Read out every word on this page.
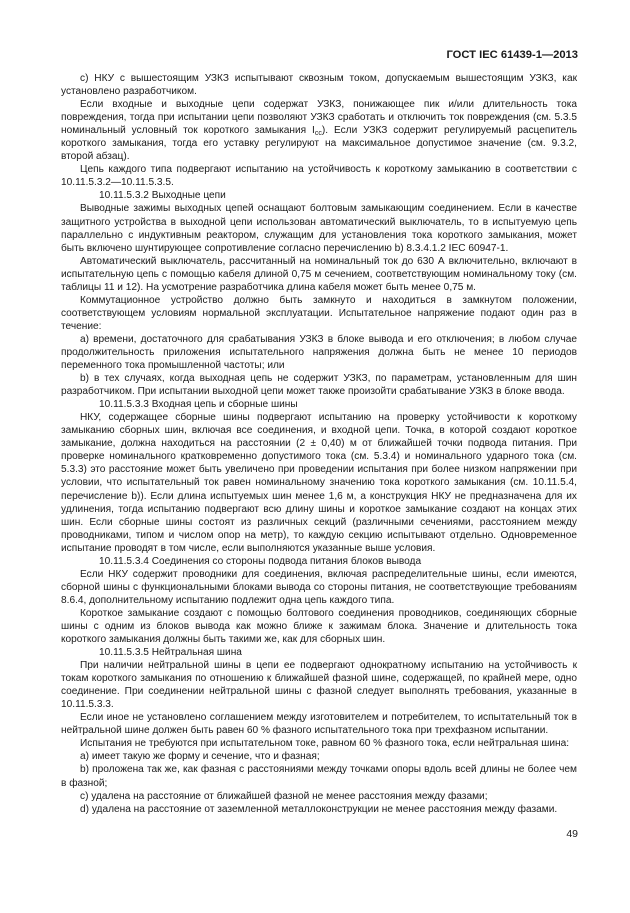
ГОСТ IEC 61439-1—2013

с) НКУ с вышестоящим УЗКЗ испытывают сквозным током, допускаемым вышестоящим УЗКЗ, как установлено разработчиком.

Если входные и выходные цепи содержат УЗКЗ, понижающее пик и/или длительность тока повреждения, тогда при испытании цепи позволяют УЗКЗ сработать и отключить ток повреждения (см. 5.3.5 номинальный условный ток короткого замыкания $I_{cc}$). Если УЗКЗ содержит регулируемый расцепитель короткого замыкания, тогда его уставку регулируют на максимальное допустимое значение (см. 9.3.2, второй абзац).

Цепь каждого типа подвергают испытанию на устойчивость к короткому замыканию в соответствии с 10.11.5.3.2—10.11.5.3.5.

10.11.5.3.2 Выходные цепи

Выводные зажимы выходных цепей оснащают болтовым замыкающим соединением. Если в качестве защитного устройства в выходной цепи использован автоматический выключатель, то в испытуемую цепь параллельно с индуктивным реактором, служащим для установления тока короткого замыкания, может быть включено шунтирующее сопротивление согласно перечислению b) 8.3.4.1.2 IEC 60947-1.

Автоматический выключатель, рассчитанный на номинальный ток до 630 А включительно, включают в испытательную цепь с помощью кабеля длиной 0,75 м сечением, соответствующим номинальному току (см. таблицы 11 и 12). На усмотрение разработчика длина кабеля может быть менее 0,75 м.

Коммутационное устройство должно быть замкнуто и находиться в замкнутом положении, соответствующем условиям нормальной эксплуатации. Испытательное напряжение подают один раз в течение:

а) времени, достаточного для срабатывания УЗКЗ в блоке вывода и его отключения; в любом случае продолжительность приложения испытательного напряжения должна быть не менее 10 периодов переменного тока промышленной частоты; или

b) в тех случаях, когда выходная цепь не содержит УЗКЗ, по параметрам, установленным для шин разработчиком. При испытании выходной цепи может также произойти срабатывание УЗКЗ в блоке ввода.

10.11.5.3.3 Входная цепь и сборные шины

НКУ, содержащее сборные шины подвергают испытанию на проверку устойчивости к короткому замыканию сборных шин, включая все соединения, и входной цепи. Точка, в которой создают короткое замыкание, должна находиться на расстоянии (2 ± 0,40) м от ближайшей точки подвода питания. При проверке номинального кратковременно допустимого тока (см. 5.3.4) и номинального ударного тока (см. 5.3.3) это расстояние может быть увеличено при проведении испытания при более низком напряжении при условии, что испытательный ток равен номинальному значению тока короткого замыкания (см. 10.11.5.4, перечисление b)). Если длина испытуемых шин менее 1,6 м, а конструкция НКУ не предназначена для их удлинения, тогда испытанию подвергают всю длину шины и короткое замыкание создают на концах этих шин. Если сборные шины состоят из различных секций (различными сечениями, расстоянием между проводниками, типом и числом опор на метр), то каждую секцию испытывают отдельно. Одновременное испытание проводят в том числе, если выполняются указанные выше условия.

10.11.5.3.4 Соединения со стороны подвода питания блоков вывода

Если НКУ содержит проводники для соединения, включая распределительные шины, если имеются, сборной шины с функциональными блоками вывода со стороны питания, не соответствующие требованиям 8.6.4, дополнительному испытанию подлежит одна цепь каждого типа.

Короткое замыкание создают с помощью болтового соединения проводников, соединяющих сборные шины с одним из блоков вывода как можно ближе к зажимам блока. Значение и длительность тока короткого замыкания должны быть такими же, как для сборных шин.

10.11.5.3.5 Нейтральная шина

При наличии нейтральной шины в цепи ее подвергают однократному испытанию на устойчивость к токам короткого замыкания по отношению к ближайшей фазной шине, содержащей, по крайней мере, одно соединение. При соединении нейтральной шины с фазной следует выполнять требования, указанные в 10.11.5.3.3.

Если иное не установлено соглашением между изготовителем и потребителем, то испытательный ток в нейтральной шине должен быть равен 60 % фазного испытательного тока при трехфазном испытании.

Испытания не требуются при испытательном токе, равном 60 % фазного тока, если нейтральная шина:

а) имеет такую же форму и сечение, что и фазная;

b) проложена так же, как фазная с расстояниями между точками опоры вдоль всей длины не более чем в фазной;

с) удалена на расстояние от ближайшей фазной не менее расстояния между фазами;

d) удалена на расстояние от заземленной металлоконструкции не менее расстояния между фазами.

49
